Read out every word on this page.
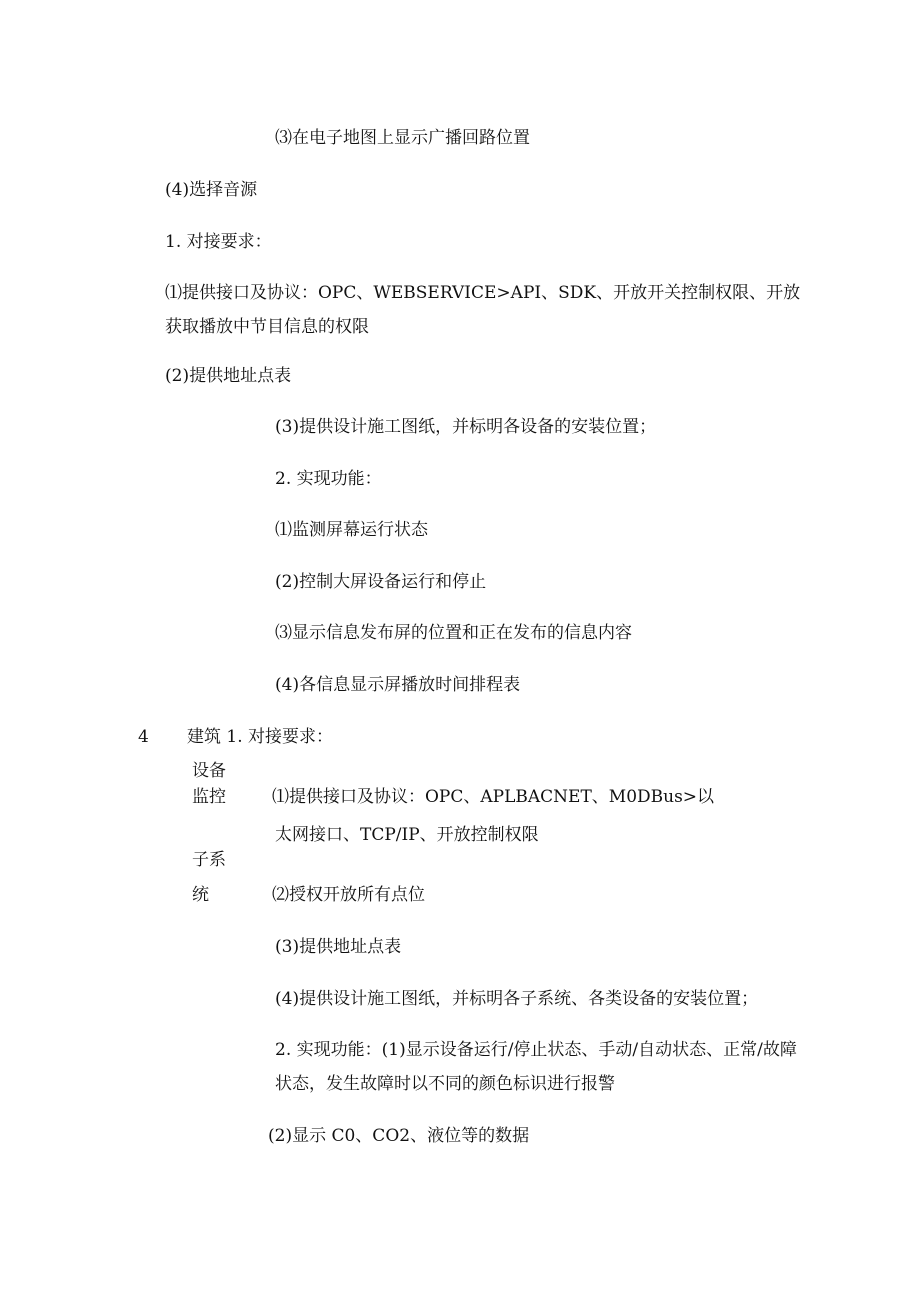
⑶在电子地图上显示广播回路位置
(4)选择音源
1. 对接要求：
⑴提供接口及协议：OPC、WEBSERVICE>API、SDK、开放开关控制权限、开放获取播放中节目信息的权限
(2)提供地址点表
(3)提供设计施工图纸，并标明各设备的安装位置；
2. 实现功能：
⑴监测屏幕运行状态
(2)控制大屏设备运行和停止
⑶显示信息发布屏的位置和正在发布的信息内容
(4)各信息显示屏播放时间排程表
4 建筑 1. 对接要求：
设备
监控	⑴提供接口及协议：OPC、APLBACNET、M0DBus>以
太网接口、TCP/IP、开放控制权限
子系
统	⑵授权开放所有点位
(3)提供地址点表
(4)提供设计施工图纸，并标明各子系统、各类设备的安装位置；
2. 实现功能：(1)显示设备运行/停止状态、手动/自动状态、正常/故障状态，发生故障时以不同的颜色标识进行报警
(2)显示 C0、CO2、液位等的数据
